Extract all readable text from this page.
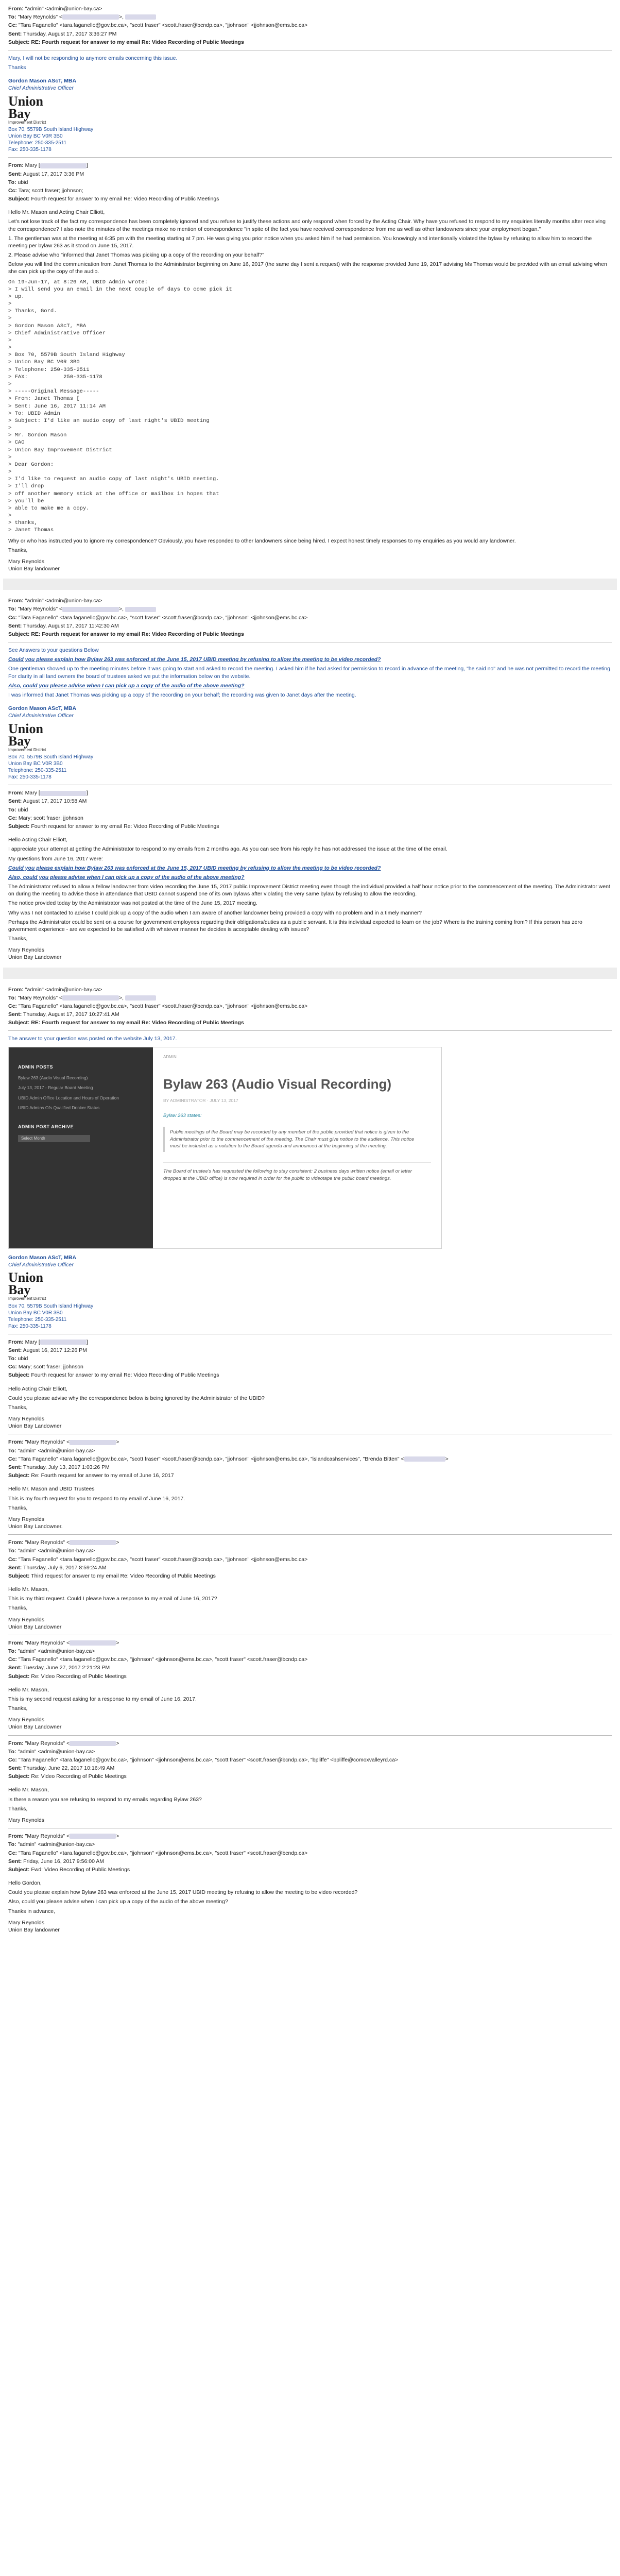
From: "admin" <admin@union-bay.ca>
To: "Mary Reynolds" <	>,
Cc: "Tara Faganello" <tara.faganello@gov.bc.ca>, "scott fraser" <scott.fraser@bcndp.ca>, "jjohnson" <jjohnson@ems.bc.ca>
Sent: Thursday, August 17, 2017 3:36:27 PM
Subject: RE: Fourth request for answer to my email Re: Video Recording of Public Meetings

Mary, I will not be responding to anymore emails concerning this issue.

Thanks

Gordon Mason AScT, MBA
Chief Administrative Officer
Union
Bay
Improvement District
Box 70, 5579B South Island Highway
Union Bay BC V0R 3B0
Telephone: 250-335-2511
Fax: 250-335-1178
From: Mary [	]
Sent: August 17, 2017 3:36 PM
To: ubid
Cc: Tara; scott fraser; jjohnson;
Subject: Fourth request for answer to my email Re: Video Recording of Public Meetings

Hello Mr. Mason and Acting Chair Elliott,

Let's not lose track of the fact my correspondence has been completely ignored and you refuse to justify these actions and only respond when forced by the Acting Chair. Why have you refused to respond to my enquiries literally months after receiving the correspondence? I also note the minutes of the meetings make no mention of correspondence "in spite of the fact you have received correspondence from me as well as other landowners since your employment began."

1. The gentleman was at the meeting at 6:35 pm with the meeting starting at 7 pm. He was giving you prior notice when you asked him if he had permission. You knowingly and intentionally violated the bylaw by refusing to allow him to record the meeting per bylaw 263 as it stood on June 15, 2017.

2. Please advise who "informed that Janet Thomas was picking up a copy of the recording on your behalf?"

Below you will find the communication from Janet Thomas to the Administrator beginning on June 16, 2017 (the same day I sent a request) with the response provided June 19, 2017 advising Ms Thomas would be provided with an email advising when she can pick up the copy of the audio.

On 19-Jun-17, at 8:26 AM, UBID Admin wrote:
> I will send you an email in the next couple of days to come pick it
> up.
>
> Thanks, Gord.
>
> Gordon Mason AScT, MBA
> Chief Administrative Officer
>
>
> Box 70, 5579B South Island Highway
> Union Bay BC V0R 3B0
> Telephone: 250-335-2511
> FAX:           250-335-1178
>
> -----Original Message-----
> From: Janet Thomas [
> Sent: June 16, 2017 11:14 AM
> To: UBID Admin
> Subject: I'd like an audio copy of last night's UBID meeting
>
> Mr. Gordon Mason
> CAO
> Union Bay Improvement District
>
> Dear Gordon:
>
> I'd like to request an audio copy of last night's UBID meeting.
> I'll drop
> off another memory stick at the office or mailbox in hopes that
> you'll be
> able to make me a copy.
>
> thanks,
> Janet Thomas

Why or who has instructed you to ignore my correspondence? Obviously, you have responded to other landowners since being hired. I expect honest timely responses to my enquiries as you would any landowner.

Thanks,

Mary Reynolds

Union Bay landowner

From: "admin" <admin@union-bay.ca>
To: "Mary Reynolds" <	>,
Cc: "Tara Faganello" <tara.faganello@gov.bc.ca>, "scott fraser" <scott.fraser@bcndp.ca>, "jjohnson" <jjohnson@ems.bc.ca>
Sent: Thursday, August 17, 2017 11:42:30 AM
Subject: RE: Fourth request for answer to my email Re: Video Recording of Public Meetings

See Answers to your questions Below

Could you please explain how Bylaw 263 was enforced at the June 15, 2017 UBID meeting by refusing to allow the meeting to be video recorded?

One gentleman showed up to the meeting minutes before it was going to start and asked to record the meeting. I asked him if he had asked for permission to record in advance of the meeting, "he said no" and he was not permitted to record the meeting. For clarity in all land owners the board of trustees asked we put the information below on the website.

Also, could you please advise when I can pick up a copy of the audio of the above meeting?

I was informed that Janet Thomas was picking up a copy of the recording on your behalf; the recording was given to Janet days after the meeting.

Gordon Mason AScT, MBA
Chief Administrative Officer
Union
Bay
Improvement District
Box 70, 5579B South Island Highway
Union Bay BC V0R 3B0
Telephone: 250-335-2511
Fax: 250-335-1178
From: Mary [	]
Sent: August 17, 2017 10:58 AM
To: ubid
Cc: Mary; scott fraser; jjohnson
Subject: Fourth request for answer to my email Re: Video Recording of Public Meetings

Hello Acting Chair Elliott,

I appreciate your attempt at getting the Administrator to respond to my emails from 2 months ago. As you can see from his reply he has not addressed the issue at the time of the email.

My questions from June 16, 2017 were:

Could you please explain how Bylaw 263 was enforced at the June 15, 2017 UBID meeting by refusing to allow the meeting to be video recorded?

Also, could you please advise when I can pick up a copy of the audio of the above meeting?

The Administrator refused to allow a fellow landowner from video recording the June 15, 2017 public Improvement District meeting even though the individual provided a half hour notice prior to the commencement of the meeting. The Administrator went on during the meeting to advise those in attendance that UBID cannot suspend one of its own bylaws after violating the very same bylaw by refusing to allow the recording.

The notice provided today by the Administrator was not posted at the time of the June 15, 2017 meeting.

Why was I not contacted to advise I could pick up a copy of the audio when I am aware of another landowner being provided a copy with no problem and in a timely manner?

Perhaps the Administrator could be sent on a course for government employees regarding their obligations/duties as a public servant. It is this individual expected to learn on the job? Where is the training coming from? If this person has zero government experience - are we expected to be satisfied with whatever manner he decides is acceptable dealing with issues?

Thanks,

Mary Reynolds

Union Bay Landowner

From: "admin" <admin@union-bay.ca>
To: "Mary Reynolds" <	>,
Cc: "Tara Faganello" <tara.faganello@gov.bc.ca>, "scott fraser" <scott.fraser@bcndp.ca>, "jjohnson" <jjohnson@ems.bc.ca>
Sent: Thursday, August 17, 2017 10:27:41 AM
Subject: RE: Fourth request for answer to my email Re: Video Recording of Public Meetings

The answer to your question was posted on the website July 13, 2017.

ADMIN POSTS
Bylaw 263 (Audio Visual Recording)
July 13, 2017 - Regular Board Meeting
UBID Admin Office Location and Hours of Operation
UBID Admins Ofs Qualified Drinker Status
ADMIN POST ARCHIVE
Select Month
ADMIN
Bylaw 263 (Audio Visual Recording)
BY ADMINISTRATOR · JULY 13, 2017
Bylaw 263 states:
Public meetings of the Board may be recorded by any member of the public provided that notice is given to the Administrator prior to the commencement of the meeting. The Chair must give notice to the audience. This notice must be included as a notation to the Board agenda and announced at the beginning of the meeting.
The Board of trustee's has requested the following to stay consistent: 2 business days written notice (email or letter dropped at the UBID office) is now required in order for the public to videotape the public board meetings.
Gordon Mason AScT, MBA
Chief Administrative Officer
Union
Bay
Improvement District
Box 70, 5579B South Island Highway
Union Bay BC V0R 3B0
Telephone: 250-335-2511
Fax: 250-335-1178
From: Mary [	]
Sent: August 16, 2017 12:26 PM
To: ubid
Cc: Mary; scott fraser; jjohnson
Subject: Fourth request for answer to my email Re: Video Recording of Public Meetings

Hello Acting Chair Elliott,

Could you please advise why the correspondence below is being ignored by the Administrator of the UBID?

Thanks,

Mary Reynolds

Union Bay Landowner

From: "Mary Reynolds" <	>
To: "admin" <admin@union-bay.ca>
Cc: "Tara Faganello" <tara.faganello@gov.bc.ca>, "scott fraser" <scott.fraser@bcndp.ca>, "jjohnson" <jjohnson@ems.bc.ca>, "islandcashservices", "Brenda Bitten" <	>
Sent: Thursday, July 13, 2017 1:03:26 PM
Subject: Re: Fourth request for answer to my email of June 16, 2017

Hello Mr. Mason and UBID Trustees

This is my fourth request for you to respond to my email of June 16, 2017.

Thanks,

Mary Reynolds

Union Bay Landowner.

From: "Mary Reynolds" <	>
To: "admin" <admin@union-bay.ca>
Cc: "Tara Faganello" <tara.faganello@gov.bc.ca>, "scott fraser" <scott.fraser@bcndp.ca>, "jjohnson" <jjohnson@ems.bc.ca>
Sent: Thursday, July 6, 2017 8:59:24 AM
Subject: Third request for answer to my email Re: Video Recording of Public Meetings

Hello Mr. Mason,

This is my third request. Could I please have a response to my email of June 16, 2017?

Thanks,

Mary Reynolds

Union Bay Landowner

From: "Mary Reynolds" <	>
To: "admin" <admin@union-bay.ca>
Cc: "Tara Faganello" <tara.faganello@gov.bc.ca>, "jjohnson" <jjohnson@ems.bc.ca>, "scott fraser" <scott.fraser@bcndp.ca>
Sent: Tuesday, June 27, 2017 2:21:23 PM
Subject: Re: Video Recording of Public Meetings

Hello Mr. Mason,

This is my second request asking for a response to my email of June 16, 2017.

Thanks,

Mary Reynolds

Union Bay Landowner

From: "Mary Reynolds" <	>
To: "admin" <admin@union-bay.ca>
Cc: "Tara Faganello" <tara.faganello@gov.bc.ca>, "jjohnson" <jjohnson@ems.bc.ca>, "scott fraser" <scott.fraser@bcndp.ca>, "bpliffe" <bpliffe@comoxvalleyrd.ca>
Sent: Thursday, June 22, 2017 10:16:49 AM
Subject: Re: Video Recording of Public Meetings

Hello Mr. Mason,

Is there a reason you are refusing to respond to my emails regarding Bylaw 263?

Thanks,

Mary Reynolds

From: "Mary Reynolds" <	>
To: "admin" <admin@union-bay.ca>
Cc: "Tara Faganello" <tara.faganello@gov.bc.ca>, "jjohnson" <jjohnson@ems.bc.ca>, "scott fraser" <scott.fraser@bcndp.ca>
Sent: Friday, June 16, 2017 9:56:00 AM
Subject: Fwd: Video Recording of Public Meetings

Hello Gordon,

Could you please explain how Bylaw 263 was enforced at the June 15, 2017 UBID meeting by refusing to allow the meeting to be video recorded?

Also, could you please advise when I can pick up a copy of the audio of the above meeting?

Thanks in advance,

Mary Reynolds

Union Bay landowner
